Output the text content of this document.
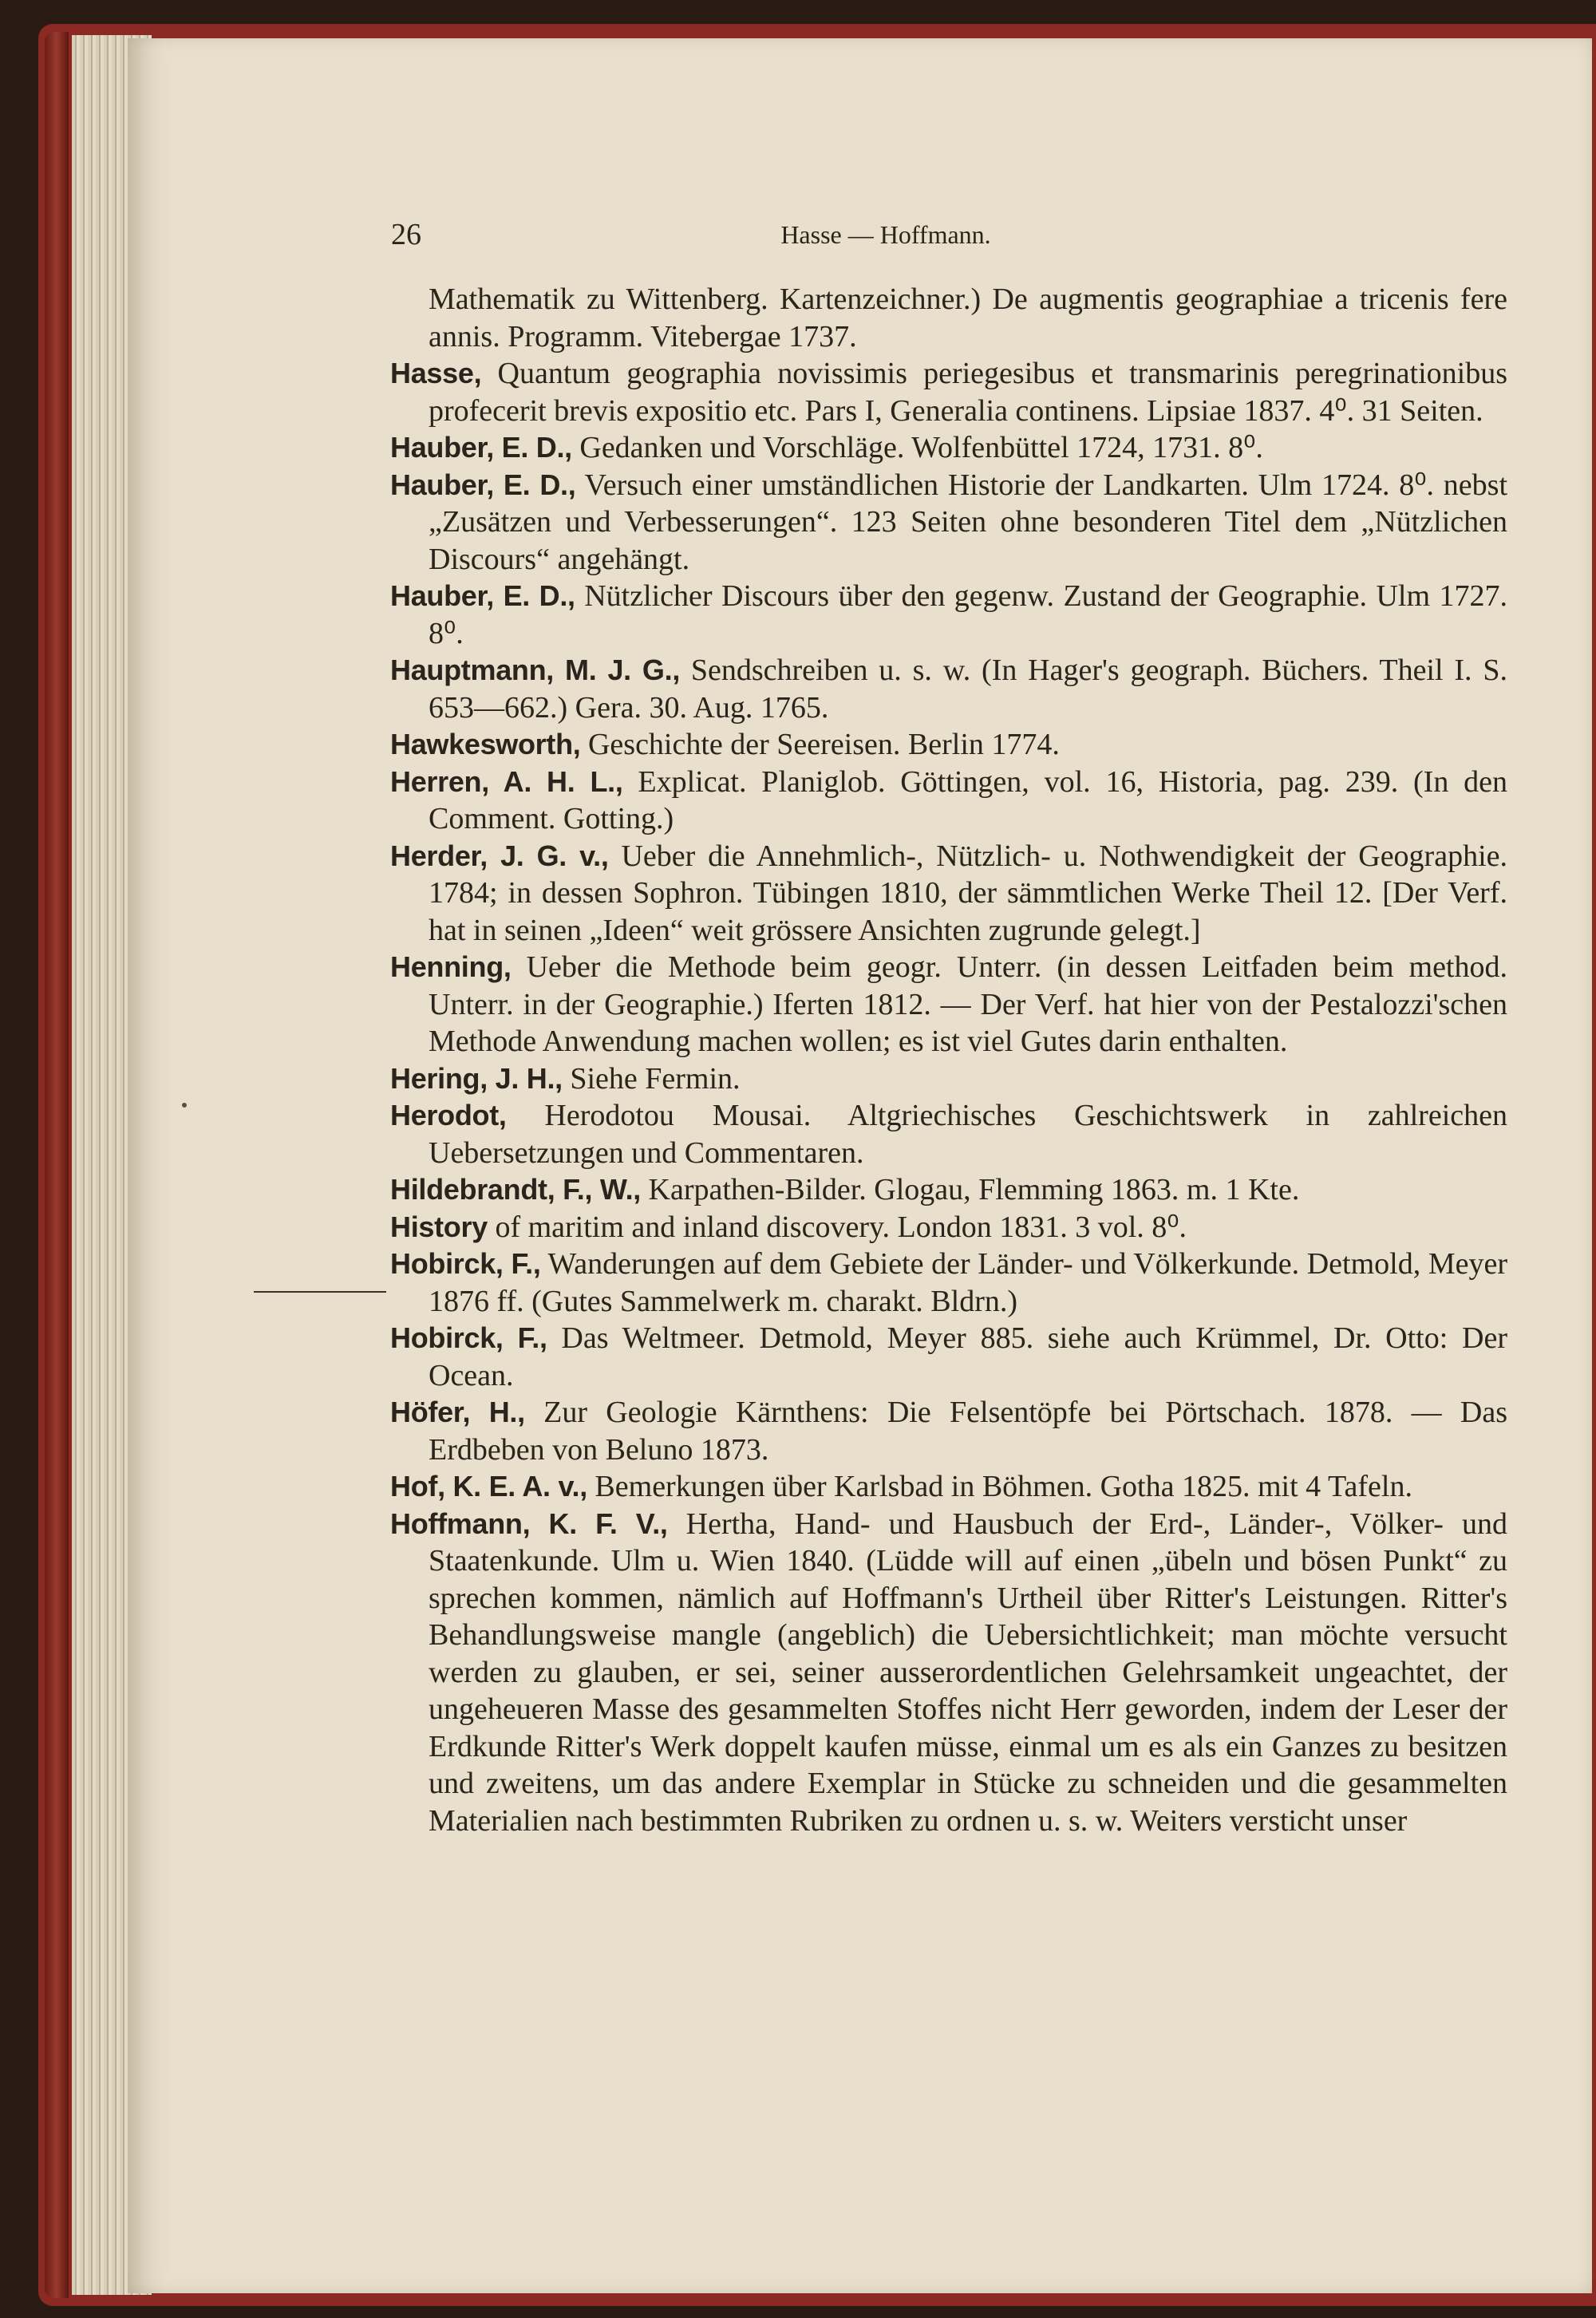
26	Hasse — Hoffmann.

Mathematik zu Wittenberg. Kartenzeichner.) De augmentis geographiae a tricenis fere annis. Programm. Vitebergae 1737.

Hasse, Quantum geographia novissimis periegesibus et transmarinis peregrinationibus profecerit brevis expositio etc. Pars I, Generalia continens. Lipsiae 1837. 4⁰. 31 Seiten.

Hauber, E. D., Gedanken und Vorschläge. Wolfenbüttel 1724, 1731. 8⁰.

Hauber, E. D., Versuch einer umständlichen Historie der Landkarten. Ulm 1724. 8⁰. nebst „Zusätzen und Verbesserungen“. 123 Seiten ohne besonderen Titel dem „Nützlichen Discours“ angehängt.

Hauber, E. D., Nützlicher Discours über den gegenw. Zustand der Geographie. Ulm 1727. 8⁰.

Hauptmann, M. J. G., Sendschreiben u. s. w. (In Hager's geograph. Büchers. Theil I. S. 653—662.) Gera. 30. Aug. 1765.

Hawkesworth, Geschichte der Seereisen. Berlin 1774.

Herren, A. H. L., Explicat. Planiglob. Göttingen, vol. 16, Historia, pag. 239. (In den Comment. Gotting.)

Herder, J. G. v., Ueber die Annehmlich-, Nützlich- u. Nothwendigkeit der Geographie. 1784; in dessen Sophron. Tübingen 1810, der sämmtlichen Werke Theil 12. [Der Verf. hat in seinen „Ideen“ weit grössere Ansichten zugrunde gelegt.]

Henning, Ueber die Methode beim geogr. Unterr. (in dessen Leitfaden beim method. Unterr. in der Geographie.) Iferten 1812. — Der Verf. hat hier von der Pestalozzi'schen Methode Anwendung machen wollen; es ist viel Gutes darin enthalten.

Hering, J. H., Siehe Fermin.

Herodot, Herodotou Mousai. Altgriechisches Geschichtswerk in zahlreichen Uebersetzungen und Commentaren.

Hildebrandt, F., W., Karpathen-Bilder. Glogau, Flemming 1863. m. 1 Kte.

History of maritim and inland discovery. London 1831. 3 vol. 8⁰.

Hobirck, F., Wanderungen auf dem Gebiete der Länder- und Völkerkunde. Detmold, Meyer 1876 ff. (Gutes Sammelwerk m. charakt. Bldrn.)

Hobirck, F., Das Weltmeer. Detmold, Meyer 885. siehe auch Krümmel, Dr. Otto: Der Ocean.

Höfer, H., Zur Geologie Kärnthens: Die Felsentöpfe bei Pörtschach. 1878. — Das Erdbeben von Beluno 1873.

Hof, K. E. A. v., Bemerkungen über Karlsbad in Böhmen. Gotha 1825. mit 4 Tafeln.

Hoffmann, K. F. V., Hertha, Hand- und Hausbuch der Erd-, Länder-, Völker- und Staatenkunde. Ulm u. Wien 1840. (Lüdde will auf einen „übeln und bösen Punkt“ zu sprechen kommen, nämlich auf Hoffmann's Urtheil über Ritter's Leistungen. Ritter's Behandlungsweise mangle (angeblich) die Uebersichtlichkeit; man möchte versucht werden zu glauben, er sei, seiner ausserordentlichen Gelehrsamkeit ungeachtet, der ungeheueren Masse des gesammelten Stoffes nicht Herr geworden, indem der Leser der Erdkunde Ritter's Werk doppelt kaufen müsse, einmal um es als ein Ganzes zu besitzen und zweitens, um das andere Exemplar in Stücke zu schneiden und die gesammelten Materialien nach bestimmten Rubriken zu ordnen u. s. w. Weiters versticht unser
